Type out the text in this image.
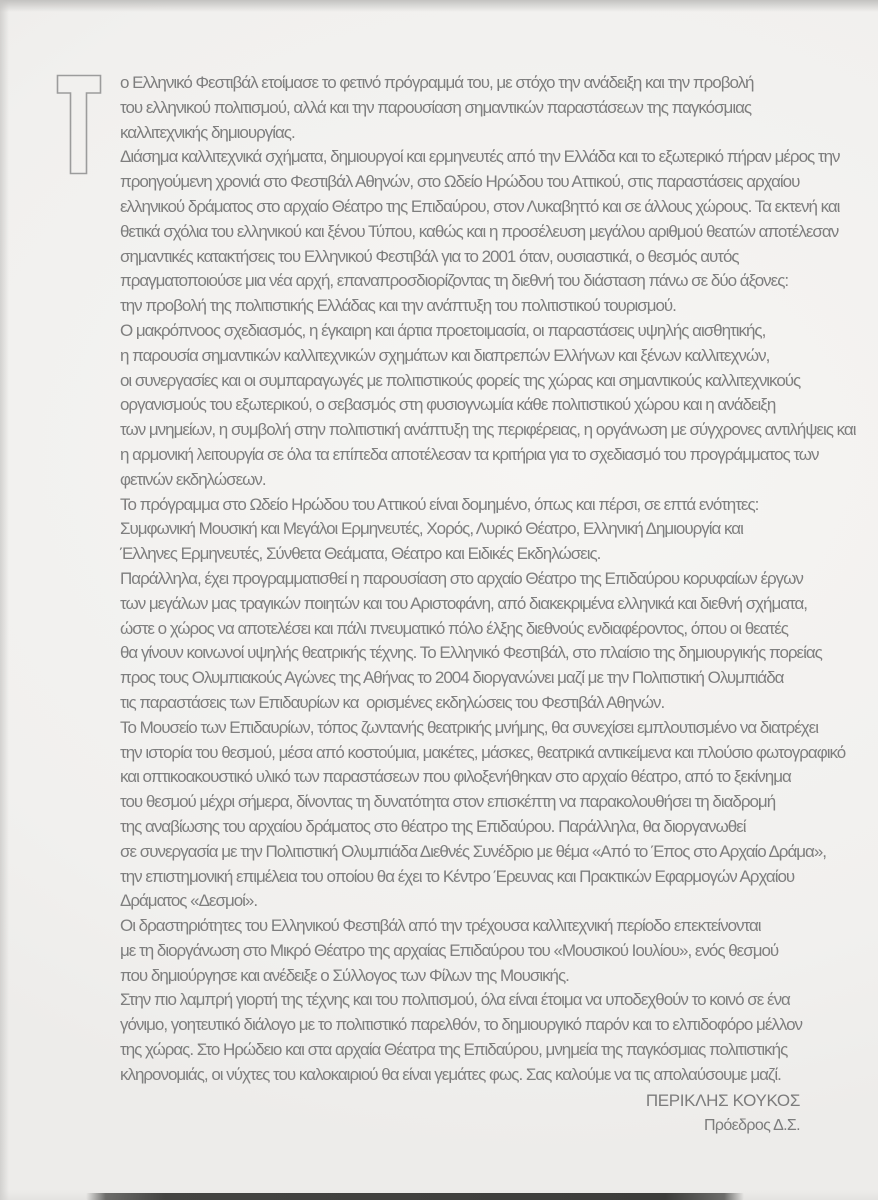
ο Ελληνικό Φεστιβάλ ετοίμασε το φετινό πρόγραμμά του, με στόχο την ανάδειξη και την προβολή
του ελληνικού πολιτισμού, αλλά και την παρουσίαση σημαντικών παραστάσεων της παγκόσμιας
καλλιτεχνικής δημιουργίας.
Διάσημα καλλιτεχνικά σχήματα, δημιουργοί και ερμηνευτές από την Ελλάδα και το εξωτερικό πήραν μέρος την
προηγούμενη χρονιά στο Φεστιβάλ Αθηνών, στο Ωδείο Ηρώδου του Αττικού, στις παραστάσεις αρχαίου
ελληνικού δράματος στο αρχαίο Θέατρο της Επιδαύρου, στον Λυκαβηττό και σε άλλους χώρους. Τα εκτενή και
θετικά σχόλια του ελληνικού και ξένου Τύπου, καθώς και η προσέλευση μεγάλου αριθμού θεατών αποτέλεσαν
σημαντικές κατακτήσεις του Ελληνικού Φεστιβάλ για το 2001 όταν, ουσιαστικά, ο θεσμός αυτός
πραγματοποιούσε μια νέα αρχή, επαναπροσδιορίζοντας τη διεθνή του διάσταση πάνω σε δύο άξονες:
την προβολή της πολιτιστικής Ελλάδας και την ανάπτυξη του πολιτιστικού τουρισμού.
Ο μακρόπνοος σχεδιασμός, η έγκαιρη και άρτια προετοιμασία, οι παραστάσεις υψηλής αισθητικής,
η παρουσία σημαντικών καλλιτεχνικών σχημάτων και διαπρεπών Ελλήνων και ξένων καλλιτεχνών,
οι συνεργασίες και οι συμπαραγωγές με πολιτιστικούς φορείς της χώρας και σημαντικούς καλλιτεχνικούς
οργανισμούς του εξωτερικού, ο σεβασμός στη φυσιογνωμία κάθε πολιτιστικού χώρου και η ανάδειξη
των μνημείων, η συμβολή στην πολιτιστική ανάπτυξη της περιφέρειας, η οργάνωση με σύγχρονες αντιλήψεις και
η αρμονική λειτουργία σε όλα τα επίπεδα αποτέλεσαν τα κριτήρια για το σχεδιασμό του προγράμματος των
φετινών εκδηλώσεων.
Το πρόγραμμα στο Ωδείο Ηρώδου του Αττικού είναι δομημένο, όπως και πέρσι, σε επτά ενότητες:
Συμφωνική Μουσική και Μεγάλοι Ερμηνευτές, Χορός, Λυρικό Θέατρο, Ελληνική Δημιουργία και
Έλληνες Ερμηνευτές, Σύνθετα Θεάματα, Θέατρο και Ειδικές Εκδηλώσεις.
Παράλληλα, έχει προγραμματισθεί η παρουσίαση στο αρχαίο Θέατρο της Επιδαύρου κορυφαίων έργων
των μεγάλων μας τραγικών ποιητών και του Αριστοφάνη, από διακεκριμένα ελληνικά και διεθνή σχήματα,
ώστε ο χώρος να αποτελέσει και πάλι πνευματικό πόλο έλξης διεθνούς ενδιαφέροντος, όπου οι θεατές
θα γίνουν κοινωνοί υψηλής θεατρικής τέχνης. Το Ελληνικό Φεστιβάλ, στο πλαίσιο της δημιουργικής πορείας
προς τους Ολυμπιακούς Αγώνες της Αθήνας το 2004 διοργανώνει μαζί με την Πολιτιστική Ολυμπιάδα
τις παραστάσεις των Επιδαυρίων κα  ορισμένες εκδηλώσεις του Φεστιβάλ Αθηνών.
Το Μουσείο των Επιδαυρίων, τόπος ζωντανής θεατρικής μνήμης, θα συνεχίσει εμπλουτισμένο να διατρέχει
την ιστορία του θεσμού, μέσα από κοστούμια, μακέτες, μάσκες, θεατρικά αντικείμενα και πλούσιο φωτογραφικό
και οπτικοακουστικό υλικό των παραστάσεων που φιλοξενήθηκαν στο αρχαίο θέατρο, από το ξεκίνημα
του θεσμού μέχρι σήμερα, δίνοντας τη δυνατότητα στον επισκέπτη να παρακολουθήσει τη διαδρομή
της αναβίωσης του αρχαίου δράματος στο θέατρο της Επιδαύρου. Παράλληλα, θα διοργανωθεί
σε συνεργασία με την Πολιτιστική Ολυμπιάδα Διεθνές Συνέδριο με θέμα «Από το Έπος στο Αρχαίο Δράμα»,
την επιστημονική επιμέλεια του οποίου θα έχει το Κέντρο Έρευνας και Πρακτικών Εφαρμογών Αρχαίου
Δράματος «Δεσμοί».
Οι δραστηριότητες του Ελληνικού Φεστιβάλ από την τρέχουσα καλλιτεχνική περίοδο επεκτείνονται
με τη διοργάνωση στο Μικρό Θέατρο της αρχαίας Επιδαύρου του «Μουσικού Ιουλίου», ενός θεσμού
που δημιούργησε και ανέδειξε ο Σύλλογος των Φίλων της Μουσικής.
Στην πιο λαμπρή γιορτή της τέχνης και του πολιτισμού, όλα είναι έτοιμα να υποδεχθούν το κοινό σε ένα
γόνιμο, γοητευτικό διάλογο με το πολιτιστικό παρελθόν, το δημιουργικό παρόν και το ελπιδοφόρο μέλλον
της χώρας. Στο Ηρώδειο και στα αρχαία Θέατρα της Επιδαύρου, μνημεία της παγκόσμιας πολιτιστικής
κληρονομιάς, οι νύχτες του καλοκαιριού θα είναι γεμάτες φως. Σας καλούμε να τις απολαύσουμε μαζί.
ΠΕΡΙΚΛΗΣ ΚΟΥΚΟΣ
Πρόεδρος Δ.Σ.
